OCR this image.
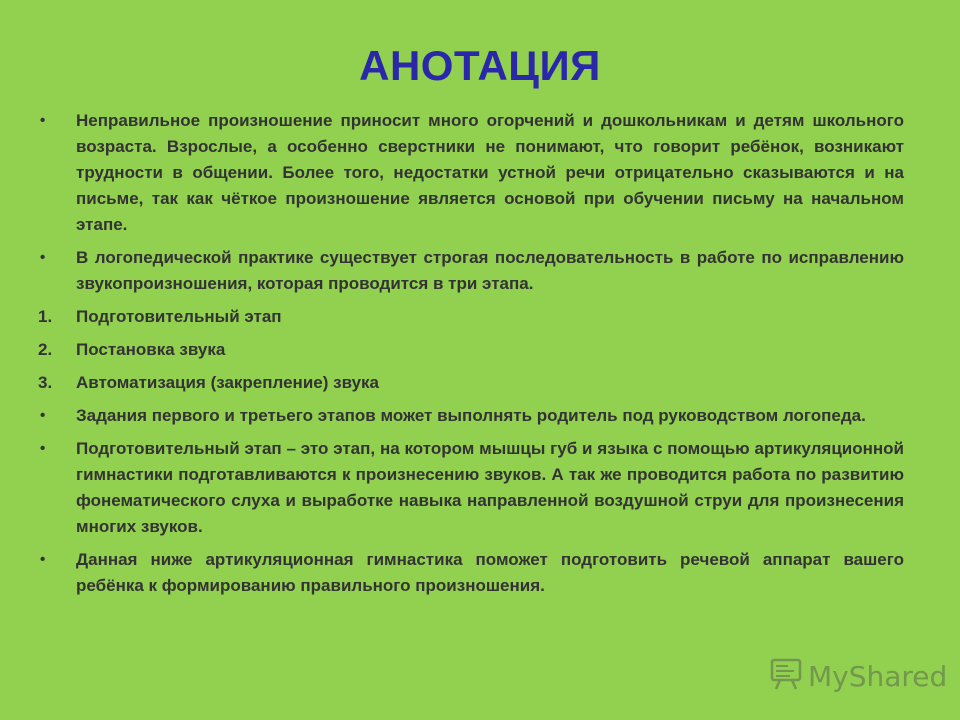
АНОТАЦИЯ
•	Неправильное произношение приносит много огорчений и дошкольникам и детям школьного возраста. Взрослые, а особенно сверстники не понимают, что говорит ребёнок, возникают трудности в общении. Более того, недостатки устной речи отрицательно сказываются и на письме, так как чёткое произношение является основой при обучении письму на начальном этапе.
•	В логопедической практике существует строгая последовательность в работе по исправлению звукопроизношения, которая проводится в три этапа.
1.	Подготовительный этап
2.	Постановка звука
3.	Автоматизация (закрепление) звука
•	Задания первого и третьего этапов может выполнять родитель под руководством логопеда.
•	Подготовительный этап – это этап, на котором мышцы губ и языка с помощью артикуляционной гимнастики подготавливаются к произнесению звуков. А так же проводится работа по развитию фонематического слуха и выработке навыка направленной воздушной струи для произнесения многих звуков.
•	Данная ниже артикуляционная гимнастика поможет подготовить речевой аппарат вашего ребёнка к формированию правильного произношения.
MyShared
